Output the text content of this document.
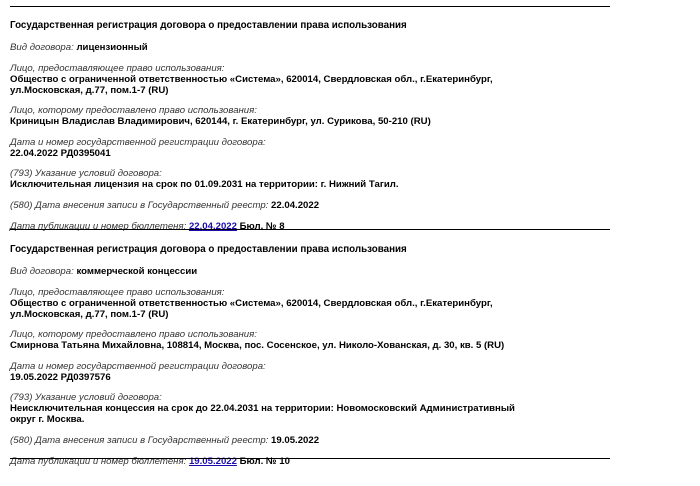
Государственная регистрация договора о предоставлении права использования

Вид договора: лицензионный

Лицо, предоставляющее право использования:

Общество с ограниченной ответственностью «Система», 620014, Свердловская обл., г.Екатеринбург,

ул.Московская, д.77, пом.1-7 (RU)

Лицо, которому предоставлено право использования:

Криницын Владислав Владимирович, 620144, г. Екатеринбург, ул. Сурикова, 50-210 (RU)

Дата и номер государственной регистрации договора:

22.04.2022 РД0395041

(793) Указание условий договора:

Исключительная лицензия на срок по 01.09.2031 на территории: г. Нижний Тагил.

(580) Дата внесения записи в Государственный реестр: 22.04.2022

Дата публикации и номер бюллетеня: 22.04.2022 Бюл. № 8

Государственная регистрация договора о предоставлении права использования

Вид договора: коммерческой концессии

Лицо, предоставляющее право использования:

Общество с ограниченной ответственностью «Система», 620014, Свердловская обл., г.Екатеринбург,

ул.Московская, д.77, пом.1-7 (RU)

Лицо, которому предоставлено право использования:

Смирнова Татьяна Михайловна, 108814, Москва, пос. Сосенское, ул. Николо-Хованская, д. 30, кв. 5 (RU)

Дата и номер государственной регистрации договора:

19.05.2022 РД0397576

(793) Указание условий договора:

Неисключительная концессия на срок до 22.04.2031 на территории: Новомосковский Административный

округ г. Москва.

(580) Дата внесения записи в Государственный реестр: 19.05.2022

Дата публикации и номер бюллетеня: 19.05.2022 Бюл. № 10
